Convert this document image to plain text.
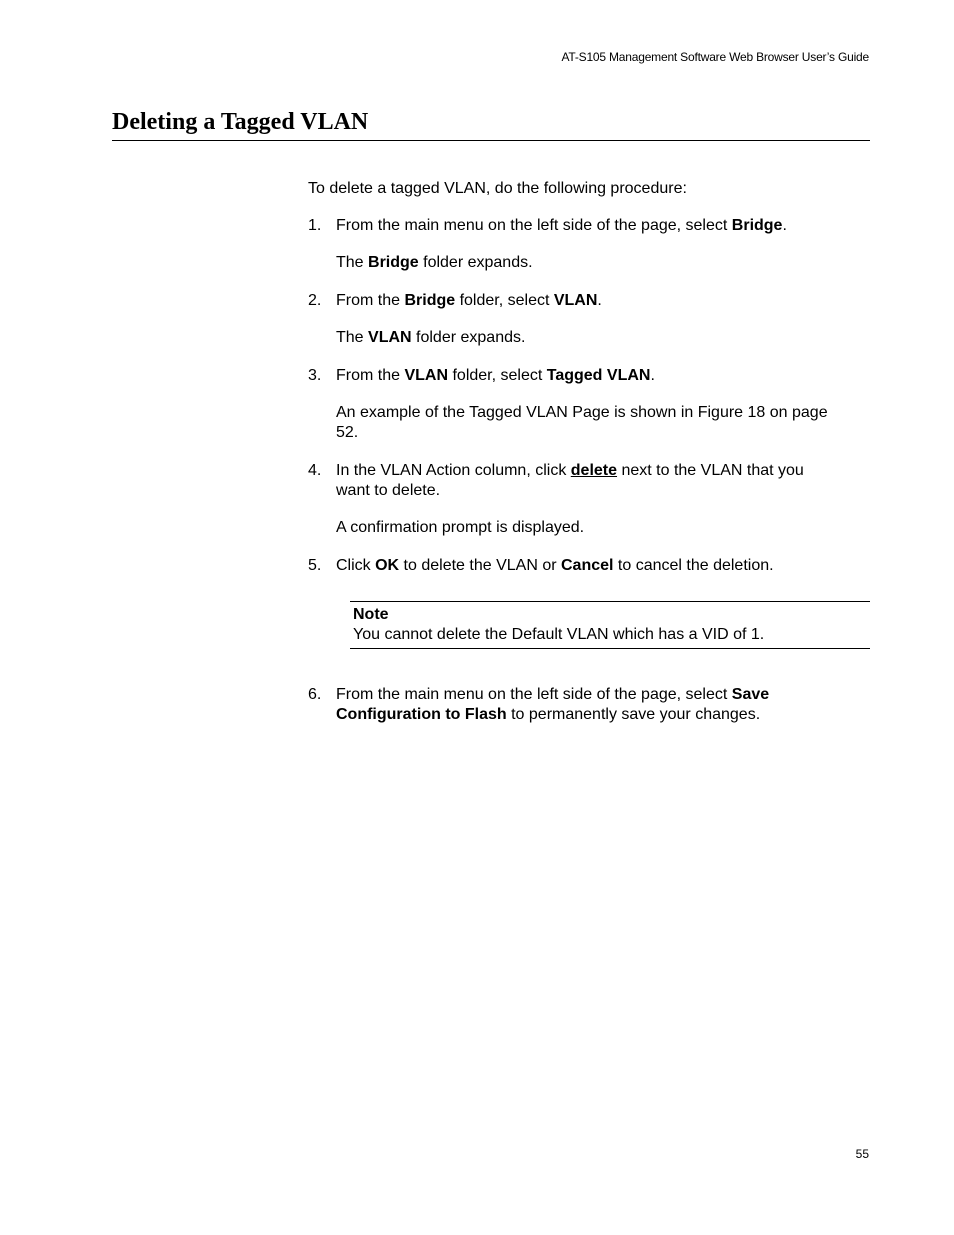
AT-S105 Management Software Web Browser User’s Guide
Deleting a Tagged VLAN
To delete a tagged VLAN, do the following procedure:
1. From the main menu on the left side of the page, select Bridge.
The Bridge folder expands.
2. From the Bridge folder, select VLAN.
The VLAN folder expands.
3. From the VLAN folder, select Tagged VLAN.
An example of the Tagged VLAN Page is shown in Figure 18 on page
52.
4. In the VLAN Action column, click delete next to the VLAN that you
want to delete.
A confirmation prompt is displayed.
5. Click OK to delete the VLAN or Cancel to cancel the deletion.
Note
You cannot delete the Default VLAN which has a VID of 1.
6. From the main menu on the left side of the page, select Save
Configuration to Flash to permanently save your changes.
55
